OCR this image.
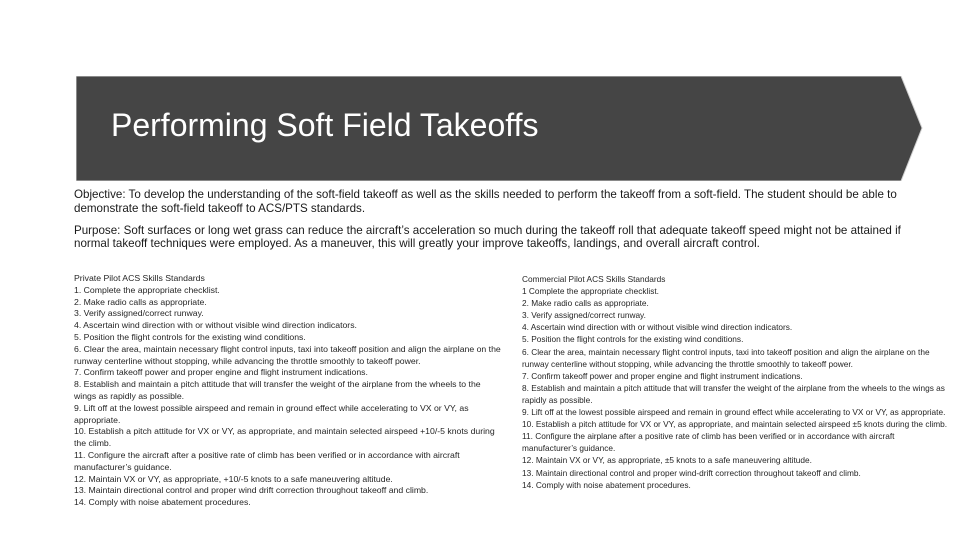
Performing Soft Field Takeoffs
Objective: To develop the understanding of the soft-field takeoff as well as the skills needed to perform the takeoff from a soft-field. The student should be able to demonstrate the soft-field takeoff to ACS/PTS standards.
Purpose: Soft surfaces or long wet grass can reduce the aircraft’s acceleration so much during the takeoff roll that adequate takeoff speed might not be attained if normal takeoff techniques were employed. As a maneuver, this will greatly your improve takeoffs, landings, and overall aircraft control.

Private Pilot ACS Skills Standards

1. Complete the appropriate checklist.

2. Make radio calls as appropriate.

3. Verify assigned/correct runway.

4. Ascertain wind direction with or without visible wind direction indicators.

5. Position the flight controls for the existing wind conditions.

6. Clear the area, maintain necessary flight control inputs, taxi into takeoff position and align the airplane on the runway centerline without stopping, while advancing the throttle smoothly to takeoff power.

7. Confirm takeoff power and proper engine and flight instrument indications.

8. Establish and maintain a pitch attitude that will transfer the weight of the airplane from the wheels to the wings as rapidly as possible.

9. Lift off at the lowest possible airspeed and remain in ground effect while accelerating to VX or VY, as appropriate.

10. Establish a pitch attitude for VX or VY, as appropriate, and maintain selected airspeed +10/-5 knots during the climb.

11. Configure the aircraft after a positive rate of climb has been verified or in accordance with aircraft manufacturer’s guidance.

12. Maintain VX or VY, as appropriate, +10/-5 knots to a safe maneuvering altitude.

13. Maintain directional control and proper wind drift correction throughout takeoff and climb.

14. Comply with noise abatement procedures.

Commercial Pilot ACS Skills Standards

1 Complete the appropriate checklist.

2. Make radio calls as appropriate.

3. Verify assigned/correct runway.

4. Ascertain wind direction with or without visible wind direction indicators.

5. Position the flight controls for the existing wind conditions.

6. Clear the area, maintain necessary flight control inputs, taxi into takeoff position and align the airplane on the runway centerline without stopping, while advancing the throttle smoothly to takeoff power.

7. Confirm takeoff power and proper engine and flight instrument indications.

8. Establish and maintain a pitch attitude that will transfer the weight of the airplane from the wheels to the wings as rapidly as possible.

9. Lift off at the lowest possible airspeed and remain in ground effect while accelerating to VX or VY, as appropriate.

10. Establish a pitch attitude for VX or VY, as appropriate, and maintain selected airspeed ±5 knots during the climb.

11. Configure the airplane after a positive rate of climb has been verified or in accordance with aircraft manufacturer’s guidance.

12. Maintain VX or VY, as appropriate, ±5 knots to a safe maneuvering altitude.

13. Maintain directional control and proper wind-drift correction throughout takeoff and climb.

14. Comply with noise abatement procedures.
